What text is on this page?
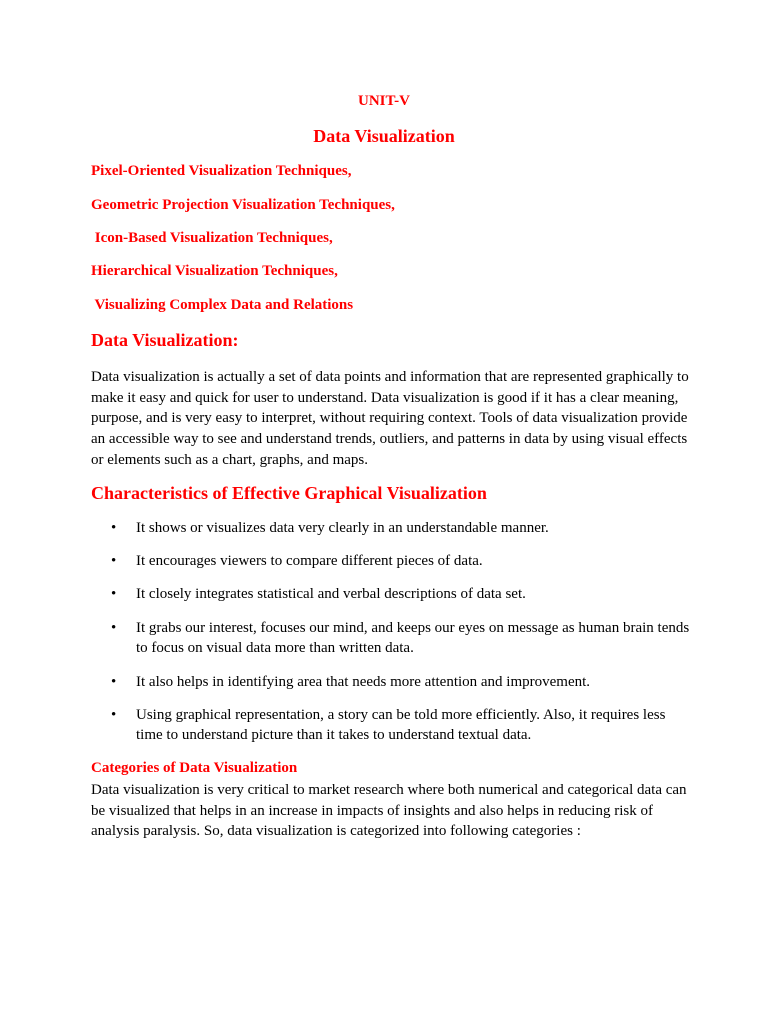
UNIT-V
Data Visualization
Pixel-Oriented Visualization Techniques,
Geometric Projection Visualization Techniques,
Icon-Based Visualization Techniques,
Hierarchical Visualization Techniques,
Visualizing Complex Data and Relations
Data Visualization:
Data visualization is actually a set of data points and information that are represented graphically to make it easy and quick for user to understand. Data visualization is good if it has a clear meaning, purpose, and is very easy to interpret, without requiring context. Tools of data visualization provide an accessible way to see and understand trends, outliers, and patterns in data by using visual effects or elements such as a chart, graphs, and maps.
Characteristics of Effective Graphical Visualization
• It shows or visualizes data very clearly in an understandable manner.
• It encourages viewers to compare different pieces of data.
• It closely integrates statistical and verbal descriptions of data set.
• It grabs our interest, focuses our mind, and keeps our eyes on message as human brain tends to focus on visual data more than written data.
• It also helps in identifying area that needs more attention and improvement.
• Using graphical representation, a story can be told more efficiently. Also, it requires less time to understand picture than it takes to understand textual data.
Categories of Data Visualization
Data visualization is very critical to market research where both numerical and categorical data can be visualized that helps in an increase in impacts of insights and also helps in reducing risk of analysis paralysis. So, data visualization is categorized into following categories :
